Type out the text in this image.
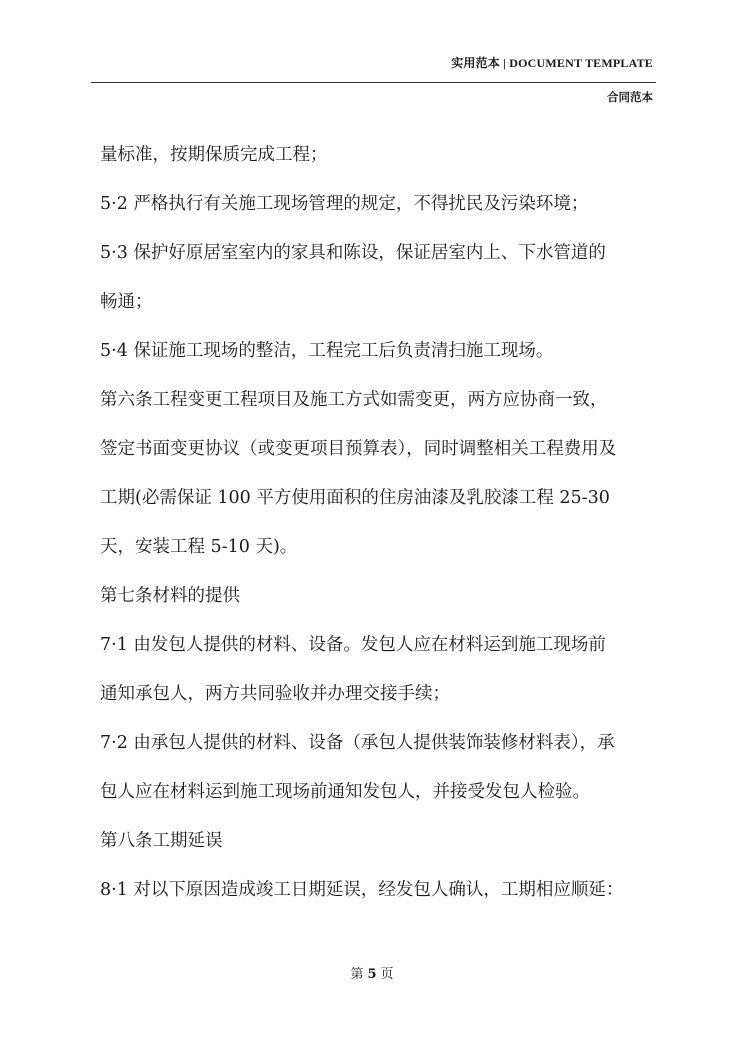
实用范本 | DOCUMENT TEMPLATE
合同范本
量标准，按期保质完成工程；
5·2 严格执行有关施工现场管理的规定，不得扰民及污染环境；
5·3 保护好原居室室内的家具和陈设，保证居室内上、下水管道的
畅通；
5·4 保证施工现场的整洁，工程完工后负责清扫施工现场。
第六条工程变更工程项目及施工方式如需变更，两方应协商一致，
签定书面变更协议（或变更项目预算表），同时调整相关工程费用及
工期(必需保证 100 平方使用面积的住房油漆及乳胶漆工程 25-30
天，安装工程 5-10 天)。
第七条材料的提供
7·1 由发包人提供的材料、设备。发包人应在材料运到施工现场前
通知承包人，两方共同验收并办理交接手续；
7·2 由承包人提供的材料、设备（承包人提供装饰装修材料表），承
包人应在材料运到施工现场前通知发包人，并接受发包人检验。
第八条工期延误
8·1 对以下原因造成竣工日期延误，经发包人确认，工期相应顺延：
第 5 页
